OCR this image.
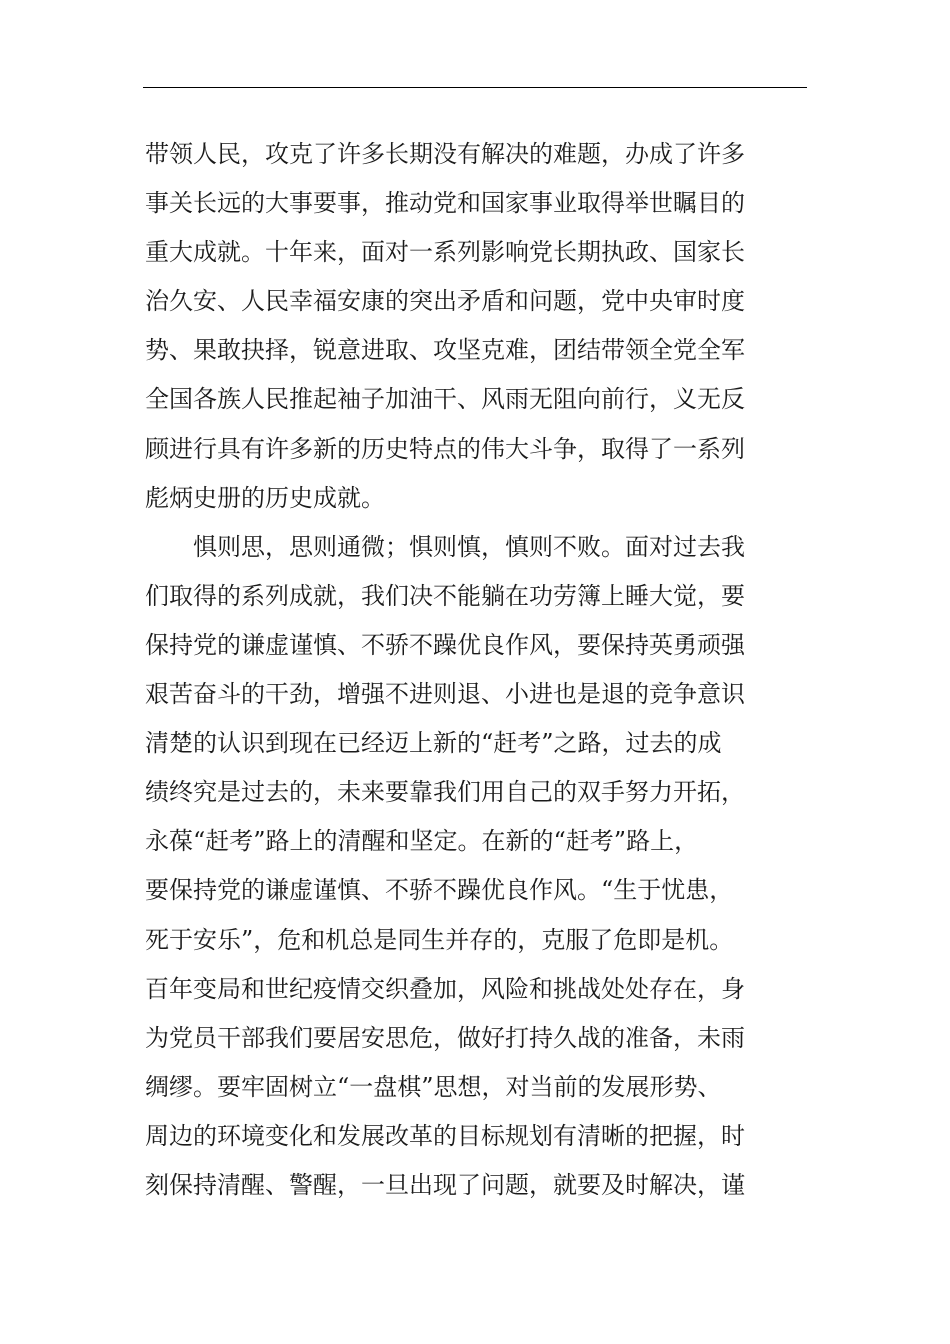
带领人民，攻克了许多长期没有解决的难题，办成了许多
事关长远的大事要事，推动党和国家事业取得举世瞩目的
重大成就。十年来，面对一系列影响党长期执政、国家长
治久安、人民幸福安康的突出矛盾和问题，党中央审时度
势、果敢抉择，锐意进取、攻坚克难，团结带领全党全军
全国各族人民推起袖子加油干、风雨无阻向前行，义无反
顾进行具有许多新的历史特点的伟大斗争，取得了一系列
彪炳史册的历史成就。
惧则思，思则通微；惧则慎，慎则不败。面对过去我
们取得的系列成就，我们决不能躺在功劳簿上睡大觉，要
保持党的谦虚谨慎、不骄不躁优良作风，要保持英勇顽强
艰苦奋斗的干劲，增强不进则退、小进也是退的竞争意识
清楚的认识到现在已经迈上新的“赶考”之路，过去的成
绩终究是过去的，未来要靠我们用自己的双手努力开拓，
永葆“赶考”路上的清醒和坚定。在新的“赶考”路上，
要保持党的谦虚谨慎、不骄不躁优良作风。“生于忧患，
死于安乐”，危和机总是同生并存的，克服了危即是机。
百年变局和世纪疫情交织叠加，风险和挑战处处存在，身
为党员干部我们要居安思危，做好打持久战的准备，未雨
绸缪。要牢固树立“一盘棋”思想，对当前的发展形势、
周边的环境变化和发展改革的目标规划有清晰的把握，时
刻保持清醒、警醒，一旦出现了问题，就要及时解决，谨
